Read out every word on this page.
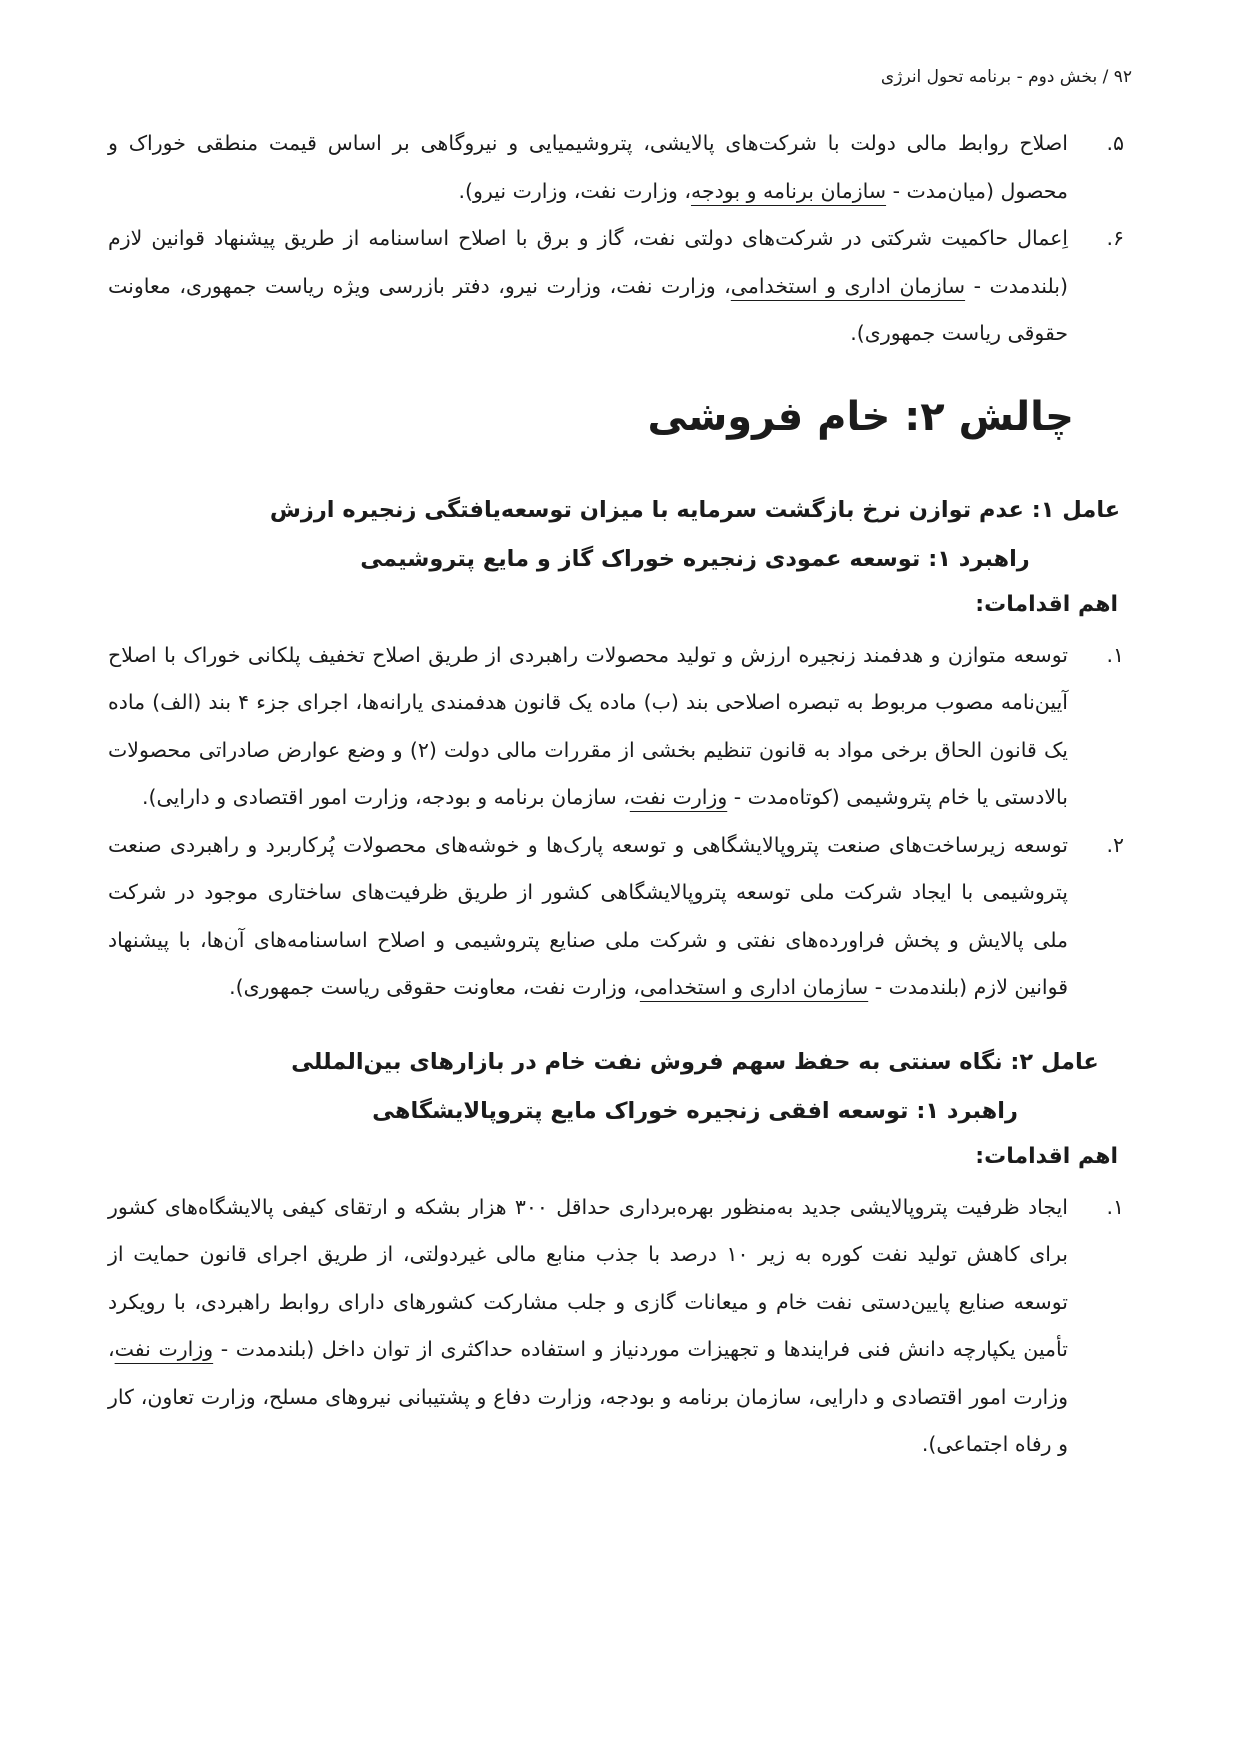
۹۲ / بخش دوم - برنامه تحول انرژی
۵.
اصلاح روابط مالی دولت با شرکت‌های پالایشی، پتروشیمیایی و نیروگاهی بر اساس قیمت منطقی خوراک و محصول (میان‌مدت - سازمان برنامه و بودجه، وزارت نفت، وزارت نیرو).
۶.
اِعمال حاکمیت شرکتی در شرکت‌های دولتی نفت، گاز و برق با اصلاح اساسنامه از طریق پیشنهاد قوانین لازم (بلندمدت - سازمان اداری و استخدامی، وزارت نفت، وزارت نیرو، دفتر بازرسی ویژه ریاست جمهوری، معاونت حقوقی ریاست جمهوری).
چالش ۲: خام فروشی
عامل ۱: عدم توازن نرخ بازگشت سرمایه با میزان توسعه‌یافتگی زنجیره ارزش
راهبرد ۱: توسعه عمودی زنجیره خوراک گاز و مایع پتروشیمی
اهم اقدامات:
۱.
توسعه متوازن و هدفمند زنجیره ارزش و تولید محصولات راهبردی از طریق اصلاح تخفیف پلکانی خوراک با اصلاح آیین‌نامه مصوب مربوط به تبصره اصلاحی بند (ب) ماده یک قانون هدفمندی یارانه‌ها، اجرای جزء ۴ بند (الف) ماده یک قانون الحاق برخی مواد به قانون تنظیم بخشی از مقررات مالی دولت (۲) و وضع عوارض صادراتی محصولات بالادستی یا خام پتروشیمی (کوتاه‌مدت - وزارت نفت، سازمان برنامه و بودجه، وزارت امور اقتصادی و دارایی).
۲.
توسعه زیرساخت‌های صنعت پتروپالایشگاهی و توسعه پارک‌ها و خوشه‌های محصولات پُرکاربرد و راهبردی صنعت پتروشیمی با ایجاد شرکت ملی توسعه پتروپالایشگاهی کشور از طریق ظرفیت‌های ساختاری موجود در شرکت ملی پالایش و پخش فراورده‌های نفتی و شرکت ملی صنایع پتروشیمی و اصلاح اساسنامه‌های آن‌ها، با پیشنهاد قوانین لازم (بلندمدت - سازمان اداری و استخدامی، وزارت نفت، معاونت حقوقی ریاست جمهوری).
عامل ۲: نگاه سنتی به حفظ سهم فروش نفت خام در بازارهای بین‌المللی
راهبرد ۱: توسعه افقی زنجیره خوراک مایع پتروپالایشگاهی
اهم اقدامات:
۱.
ایجاد ظرفیت پتروپالایشی جدید به‌منظور بهره‌برداری حداقل ۳۰۰ هزار بشکه و ارتقای کیفی پالایشگاه‌های کشور برای کاهش تولید نفت کوره به زیر ۱۰ درصد با جذب منابع مالی غیردولتی، از طریق اجرای قانون حمایت از توسعه صنایع پایین‌دستی نفت خام و میعانات گازی و جلب مشارکت کشورهای دارای روابط راهبردی، با رویکرد تأمین یکپارچه دانش فنی فرایندها و تجهیزات موردنیاز و استفاده حداکثری از توان داخل (بلندمدت - وزارت نفت، وزارت امور اقتصادی و دارایی، سازمان برنامه و بودجه، وزارت دفاع و پشتیبانی نیروهای مسلح، وزارت تعاون، کار و رفاه اجتماعی).
